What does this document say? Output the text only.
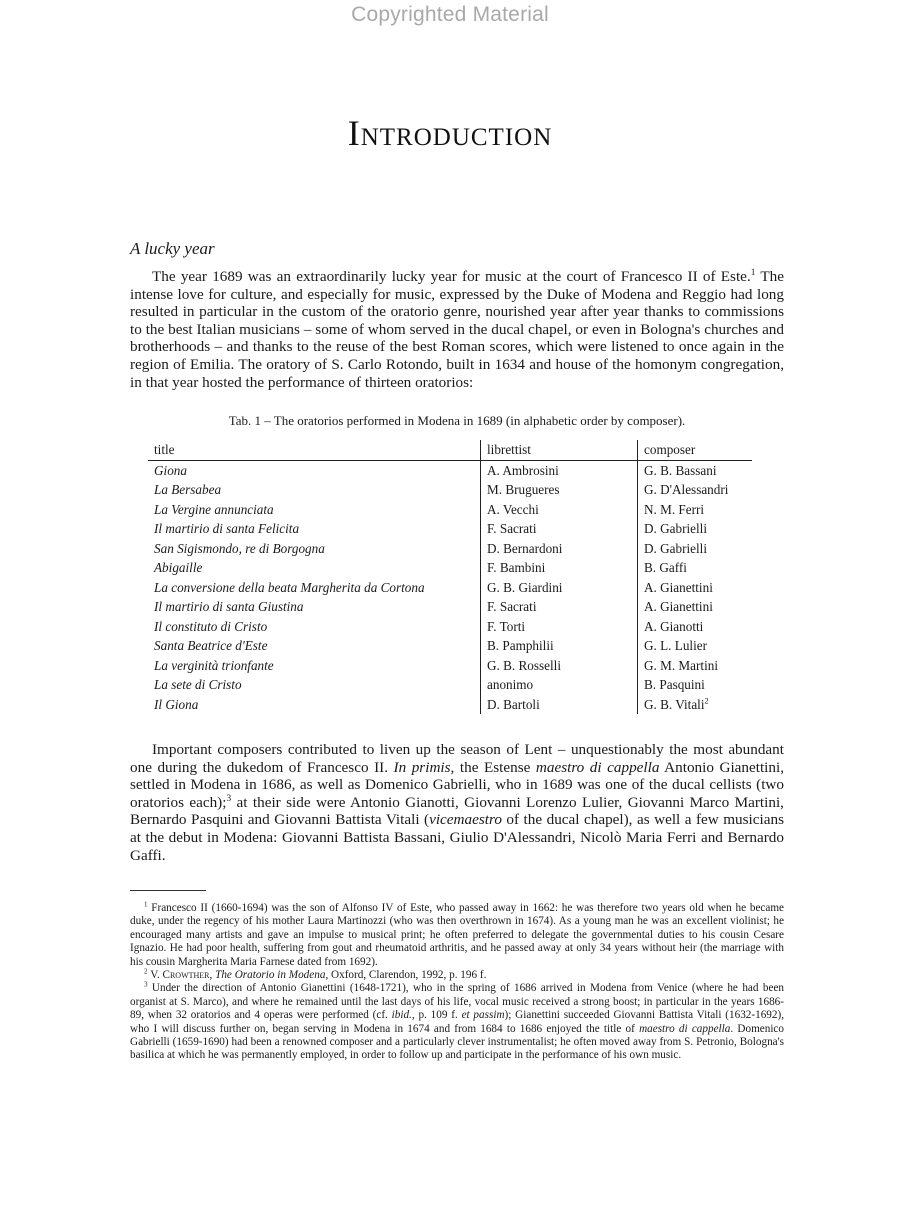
Copyrighted Material
Introduction
A lucky year

The year 1689 was an extraordinarily lucky year for music at the court of Francesco II of Este.$^1$ The intense love for culture, and especially for music, expressed by the Duke of Modena and Reggio had long resulted in particular in the custom of the oratorio genre, nourished year after year thanks to commissions to the best Italian musicians – some of whom served in the ducal chapel, or even in Bologna's churches and brotherhoods – and thanks to the reuse of the best Roman scores, which were listened to once again in the region of Emilia. The oratory of S. Carlo Rotondo, built in 1634 and house of the homonym congregation, in that year hosted the performance of thirteen oratorios:

Tab. 1 – The oratorios performed in Modena in 1689 (in alphabetic order by composer).
title	librettist	composer
Giona	A. Ambrosini	G. B. Bassani
La Bersabea	M. Brugueres	G. D'Alessandri
La Vergine annunciata	A. Vecchi	N. M. Ferri
Il martirio di santa Felicita	F. Sacrati	D. Gabrielli
San Sigismondo, re di Borgogna	D. Bernardoni	D. Gabrielli
Abigaille	F. Bambini	B. Gaffi
La conversione della beata Margherita da Cortona	G. B. Giardini	A. Gianettini
Il martirio di santa Giustina	F. Sacrati	A. Gianettini
Il constituto di Cristo	F. Torti	A. Gianotti
Santa Beatrice d'Este	B. Pamphilii	G. L. Lulier
La verginità trionfante	G. B. Rosselli	G. M. Martini
La sete di Cristo	anonimo	B. Pasquini
Il Giona	D. Bartoli	G. B. Vitali$^2$

Important composers contributed to liven up the season of Lent – unquestionably the most abundant one during the dukedom of Francesco II. In primis, the Estense maestro di cappella Antonio Gianettini, settled in Modena in 1686, as well as Domenico Gabrielli, who in 1689 was one of the ducal cellists (two oratorios each);$^3$ at their side were Antonio Gianotti, Giovanni Lorenzo Lulier, Giovanni Marco Martini, Bernardo Pasquini and Giovanni Battista Vitali (vicemaestro of the ducal chapel), as well a few musicians at the debut in Modena: Giovanni Battista Bassani, Giulio D'Alessandri, Nicolò Maria Ferri and Bernardo Gaffi.

$^1$ Francesco II (1660-1694) was the son of Alfonso IV of Este, who passed away in 1662: he was therefore two years old when he became duke, under the regency of his mother Laura Martinozzi (who was then overthrown in 1674). As a young man he was an excellent violinist; he encouraged many artists and gave an impulse to musical print; he often preferred to delegate the governmental duties to his cousin Cesare Ignazio. He had poor health, suffering from gout and rheumatoid arthritis, and he passed away at only 34 years without heir (the marriage with his cousin Margherita Maria Farnese dated from 1692).

$^2$ V. Crowther, The Oratorio in Modena, Oxford, Clarendon, 1992, p. 196 f.

$^3$ Under the direction of Antonio Gianettini (1648-1721), who in the spring of 1686 arrived in Modena from Venice (where he had been organist at S. Marco), and where he remained until the last days of his life, vocal music received a strong boost; in particular in the years 1686-89, when 32 oratorios and 4 operas were performed (cf. ibid., p. 109 f. et passim); Gianettini succeeded Giovanni Battista Vitali (1632-1692), who I will discuss further on, began serving in Modena in 1674 and from 1684 to 1686 enjoyed the title of maestro di cappella. Domenico Gabrielli (1659-1690) had been a renowned composer and a particularly clever instrumentalist; he often moved away from S. Petronio, Bologna's basilica at which he was permanently employed, in order to follow up and participate in the performance of his own music.
